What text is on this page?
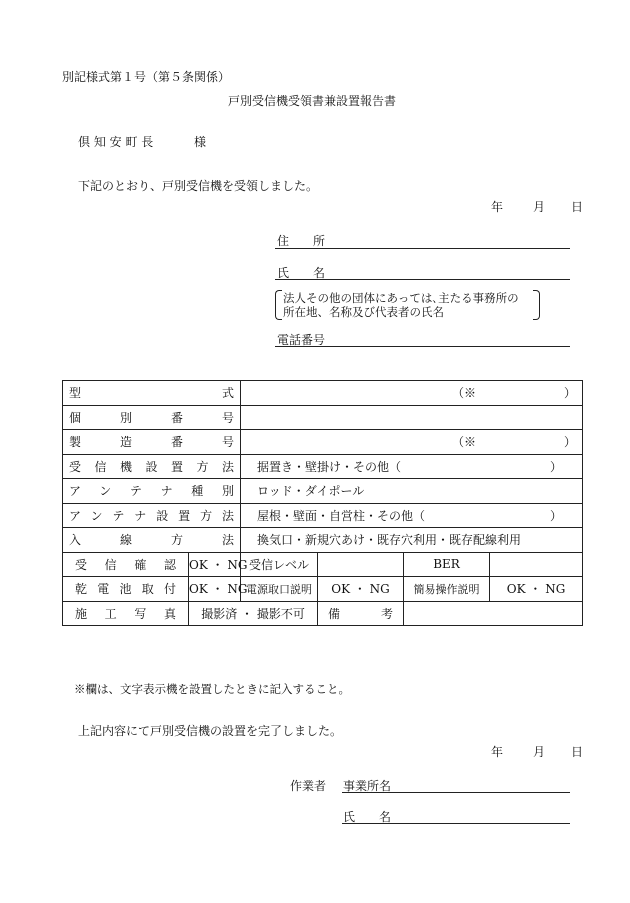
別記様式第１号（第５条関係）
戸別受信機受領書兼設置報告書
倶 知 安 町 長	様
下記のとおり、戸別受信機を受領しました。
年 月 日
住　　所
氏　　名
法人その他の団体にあっては､主たる事務所の
所在地、名称及び代表者の氏名
電話番号
型　　　　　式		（※ ）			

個　別　番　号					
製　造　番　号		（※ ）			

受信機設置方法		据置き・壁掛け・その他（ ）			

アンテナ種別		ロッド・ダイポール			
アンテナ設置方法		屋根・壁面・自営柱・その他（ ）			

入　線　方　法		換気口・新規穴あけ・既存穴利用・既存配線利用			
受信確認	OK ・ NG	受信レベル		BER	
乾電池取付	OK ・ NG	電源取口説明	OK ・ NG	簡易操作説明	OK ・ NG
施　工　写　真	撮影済 ・ 撮影不可		備　　　考		
※欄は、文字表示機を設置したときに記入すること。
上記内容にて戸別受信機の設置を完了しました。
年 月 日
作業者 事業所名
氏　　名
